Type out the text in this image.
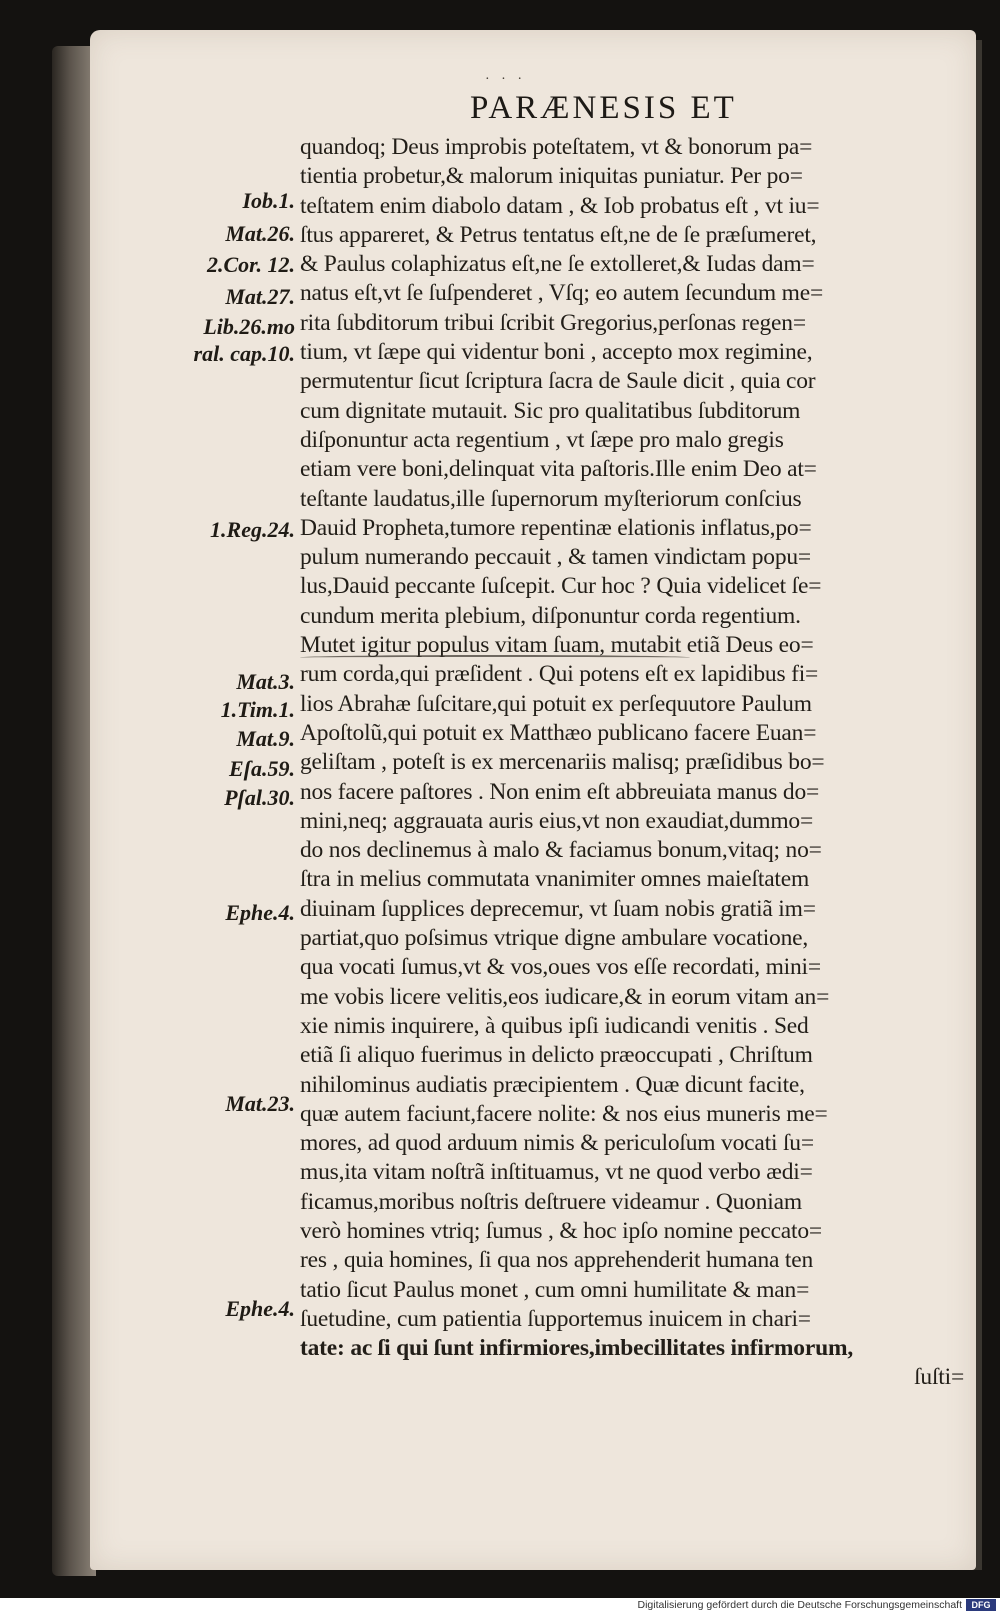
· · ·
PARÆNESIS ET
quandoq; Deus improbis poteſtatem, vt & bonorum pa=
tientia probetur,& malorum iniquitas puniatur. Per po=
teſtatem enim diabolo datam , & Iob probatus eſt , vt iu=
ſtus appareret, & Petrus tentatus eſt,ne de ſe præſumeret,
& Paulus colaphizatus eſt,ne ſe extolleret,& Iudas dam=
natus eſt,vt ſe ſuſpenderet , Vſq; eo autem ſecundum me=
rita ſubditorum tribui ſcribit Gregorius,perſonas regen=
tium, vt ſæpe qui videntur boni , accepto mox regimine,
permutentur ſicut ſcriptura ſacra de Saule dicit , quia cor
cum dignitate mutauit. Sic pro qualitatibus ſubditorum
diſponuntur acta regentium , vt ſæpe pro malo gregis
etiam vere boni,delinquat vita paſtoris.Ille enim Deo at=
teſtante laudatus,ille ſupernorum myſteriorum conſcius
Dauid Propheta,tumore repentinæ elationis inflatus,po=
pulum numerando peccauit , & tamen vindictam popu=
lus,Dauid peccante ſuſcepit. Cur hoc ? Quia videlicet ſe=
cundum merita plebium, diſponuntur corda regentium.
Mutet igitur populus vitam ſuam, mutabit etiã Deus eo=
rum corda,qui præſident . Qui potens eſt ex lapidibus fi=
lios Abrahæ ſuſcitare,qui potuit ex perſequutore Paulum
Apoſtolũ,qui potuit ex Matthæo publicano facere Euan=
geliſtam , poteſt is ex mercenariis malisq; præſidibus bo=
nos facere paſtores . Non enim eſt abbreuiata manus do=
mini,neq; aggrauata auris eius,vt non exaudiat,dummo=
do nos declinemus à malo & faciamus bonum,vitaq; no=
ſtra in melius commutata vnanimiter omnes maieſtatem
diuinam ſupplices deprecemur, vt ſuam nobis gratiã im=
partiat,quo poſsimus vtrique digne ambulare vocatione,
qua vocati ſumus,vt & vos,oues vos eſſe recordati, mini=
me vobis licere velitis,eos iudicare,& in eorum vitam an=
xie nimis inquirere, à quibus ipſi iudicandi venitis . Sed
etiã ſi aliquo fuerimus in delicto præoccupati , Chriſtum
nihilominus audiatis præcipientem . Quæ dicunt facite,
quæ autem faciunt,facere nolite: & nos eius muneris me=
mores, ad quod arduum nimis & periculoſum vocati ſu=
mus,ita vitam noſtrã inſtituamus, vt ne quod verbo ædi=
ficamus,moribus noſtris deſtruere videamur . Quoniam
verò homines vtriq; ſumus , & hoc ipſo nomine peccato=
res , quia homines, ſi qua nos apprehenderit humana ten
tatio ſicut Paulus monet , cum omni humilitate & man=
ſuetudine, cum patientia ſupportemus inuicem in chari=
tate: ac ſi qui ſunt infirmiores,imbecillitates infirmorum,
ſuſti=
Iob.1.
Mat.26.
2.Cor. 12.
Mat.27.
Lib.26.mo
ral. cap.10.
1.Reg.24.
Mat.3.
1.Tim.1.
Mat.9.
Eſa.59.
Pſal.30.
Ephe.4.
Mat.23.
Ephe.4.
Digitalisierung gefördert durch die Deutsche Forschungsgemeinschaft	DFG
